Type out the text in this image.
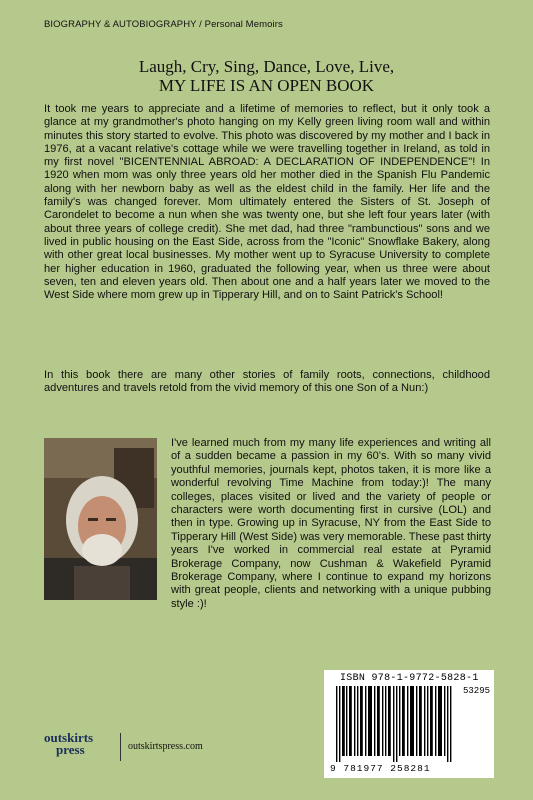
BIOGRAPHY & AUTOBIOGRAPHY / Personal Memoirs
Laugh, Cry, Sing, Dance, Love, Live,
MY LIFE IS AN OPEN BOOK

It took me years to appreciate and a lifetime of memories to reflect, but it only took a glance at my grandmother's photo hanging on my Kelly green living room wall and within minutes this story started to evolve. This photo was discovered by my mother and I back in 1976, at a vacant relative's cottage while we were travelling together in Ireland, as told in my first novel "BICENTENNIAL ABROAD: A DECLARATION OF INDEPENDENCE"! In 1920 when mom was only three years old her mother died in the Spanish Flu Pandemic along with her newborn baby as well as the eldest child in the family. Her life and the family's was changed forever. Mom ultimately entered the Sisters of St. Joseph of Carondelet to become a nun when she was twenty one, but she left four years later (with about three years of college credit). She met dad, had three "rambunctious" sons and we lived in public housing on the East Side, across from the "Iconic" Snowflake Bakery, along with other great local businesses. My mother went up to Syracuse University to complete her higher education in 1960, graduated the following year, when us three were about seven, ten and eleven years old. Then about one and a half years later we moved to the West Side where mom grew up in Tipperary Hill, and on to Saint Patrick's School!

In this book there are many other stories of family roots, connections, childhood adventures and travels retold from the vivid memory of this one Son of a Nun:)

I've learned much from my many life experiences and writing all of a sudden became a passion in my 60's. With so many vivid youthful memories, journals kept, photos taken, it is more like a wonderful revolving Time Machine from today:)! The many colleges, places visited or lived and the variety of people or characters were worth documenting first in cursive (LOL) and then in type. Growing up in Syracuse, NY from the East Side to Tipperary Hill (West Side) was very memorable. These past thirty years I've worked in commercial real estate at Pyramid Brokerage Company, now Cushman & Wakefield Pyramid Brokerage Company, where I continue to expand my horizons with great people, clients and networking with a unique pubbing style :)!

ISBN 978-1-9772-5828-1
53295
9 781977 258281
outskirts
press	outskirtspress.com
